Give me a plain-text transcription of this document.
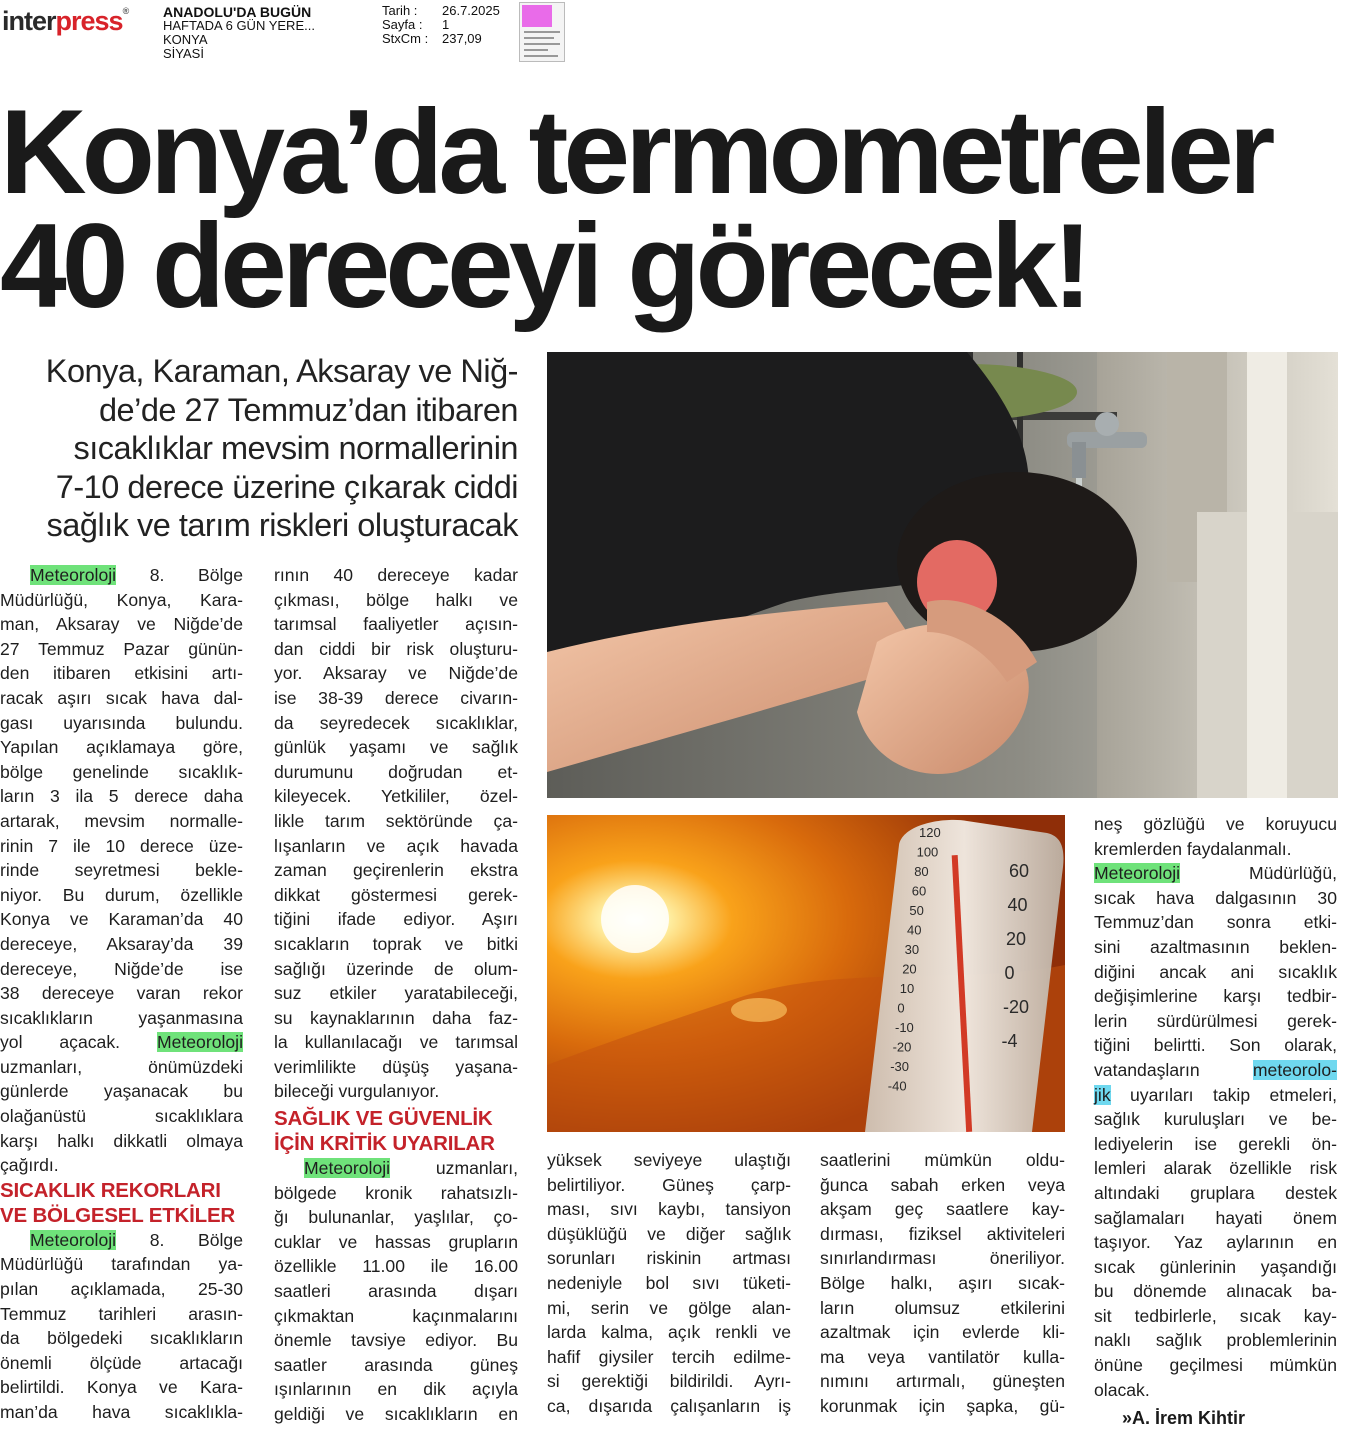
interpress® ANADOLU'DA BUGÜN
HAFTADA 6 GÜN YERE...
KONYA
SİYASİ
Tarih :	26.7.2025
Sayfa :	1
StxCm :	237,09
Konya’da termometreler
40 dereceyi görecek!
Konya, Karaman, Aksaray ve Niğ-
de’de 27 Temmuz’dan itibaren
sıcaklıklar mevsim normallerinin
7-10 derece üzerine çıkarak ciddi
sağlık ve tarım riskleri oluşturacak
120
100
80
60
50
40
30
20
10
0
-10
-20
-30
-40
60
40
20
0
-20
-4
Meteoroloji 8. Bölge
Müdürlüğü, Konya, Kara-
man, Aksaray ve Niğde’de
27 Temmuz Pazar günün-
den itibaren etkisini artı-
racak aşırı sıcak hava dal-
gası uyarısında bulundu.
Yapılan açıklamaya göre,
bölge genelinde sıcaklık-
ların 3 ila 5 derece daha
artarak, mevsim normalle-
rinin 7 ile 10 derece üze-
rinde seyretmesi bekle-
niyor. Bu durum, özellikle
Konya ve Karaman’da 40
dereceye, Aksaray’da 39
dereceye, Niğde’de ise
38 dereceye varan rekor
sıcaklıkların yaşanmasına
yol açacak. Meteoroloji
uzmanları, önümüzdeki
günlerde yaşanacak bu
olağanüstü sıcaklıklara
karşı halkı dikkatli olmaya
çağırdı.
SICAKLIK REKORLARI
VE BÖLGESEL ETKİLER
Meteoroloji 8. Bölge
Müdürlüğü tarafından ya-
pılan açıklamada, 25-30
Temmuz tarihleri arasın-
da bölgedeki sıcaklıkların
önemli ölçüde artacağı
belirtildi. Konya ve Kara-
man’da hava sıcaklıkla-
rının 40 dereceye kadar
çıkması, bölge halkı ve
tarımsal faaliyetler açısın-
dan ciddi bir risk oluşturu-
yor. Aksaray ve Niğde’de
ise 38-39 derece civarın-
da seyredecek sıcaklıklar,
günlük yaşamı ve sağlık
durumunu doğrudan et-
kileyecek. Yetkililer, özel-
likle tarım sektöründe ça-
lışanların ve açık havada
zaman geçirenlerin ekstra
dikkat göstermesi gerek-
tiğini ifade ediyor. Aşırı
sıcakların toprak ve bitki
sağlığı üzerinde de olum-
suz etkiler yaratabileceği,
su kaynaklarının daha faz-
la kullanılacağı ve tarımsal
verimlilikte düşüş yaşana-
bileceği vurgulanıyor.
SAĞLIK VE GÜVENLİK
İÇİN KRİTİK UYARILAR
Meteoroloji uzmanları,
bölgede kronik rahatsızlı-
ğı bulunanlar, yaşlılar, ço-
cuklar ve hassas grupların
özellikle 11.00 ile 16.00
saatleri arasında dışarı
çıkmaktan kaçınmalarını
önemle tavsiye ediyor. Bu
saatler arasında güneş
ışınlarının en dik açıyla
geldiği ve sıcaklıkların en
yüksek seviyeye ulaştığı
belirtiliyor. Güneş çarp-
ması, sıvı kaybı, tansiyon
düşüklüğü ve diğer sağlık
sorunları riskinin artması
nedeniyle bol sıvı tüketi-
mi, serin ve gölge alan-
larda kalma, açık renkli ve
hafif giysiler tercih edilme-
si gerektiği bildirildi. Ayrı-
ca, dışarıda çalışanların iş
saatlerini mümkün oldu-
ğunca sabah erken veya
akşam geç saatlere kay-
dırması, fiziksel aktiviteleri
sınırlandırması öneriliyor.
Bölge halkı, aşırı sıcak-
ların olumsuz etkilerini
azaltmak için evlerde kli-
ma veya vantilatör kulla-
nımını artırmalı, güneşten
korunmak için şapka, gü-
neş gözlüğü ve koruyucu
kremlerden faydalanmalı.
Meteoroloji Müdürlüğü,
sıcak hava dalgasının 30
Temmuz’dan sonra etki-
sini azaltmasının beklen-
diğini ancak ani sıcaklık
değişimlerine karşı tedbir-
lerin sürdürülmesi gerek-
tiğini belirtti. Son olarak,
vatandaşların meteorolo-
jik uyarıları takip etmeleri,
sağlık kuruluşları ve be-
lediyelerin ise gerekli ön-
lemleri alarak özellikle risk
altındaki gruplara destek
sağlamaları hayati önem
taşıyor. Yaz aylarının en
sıcak günlerinin yaşandığı
bu dönemde alınacak ba-
sit tedbirlerle, sıcak kay-
naklı sağlık problemlerinin
önüne geçilmesi mümkün
olacak.
»A. İrem Kihtir
